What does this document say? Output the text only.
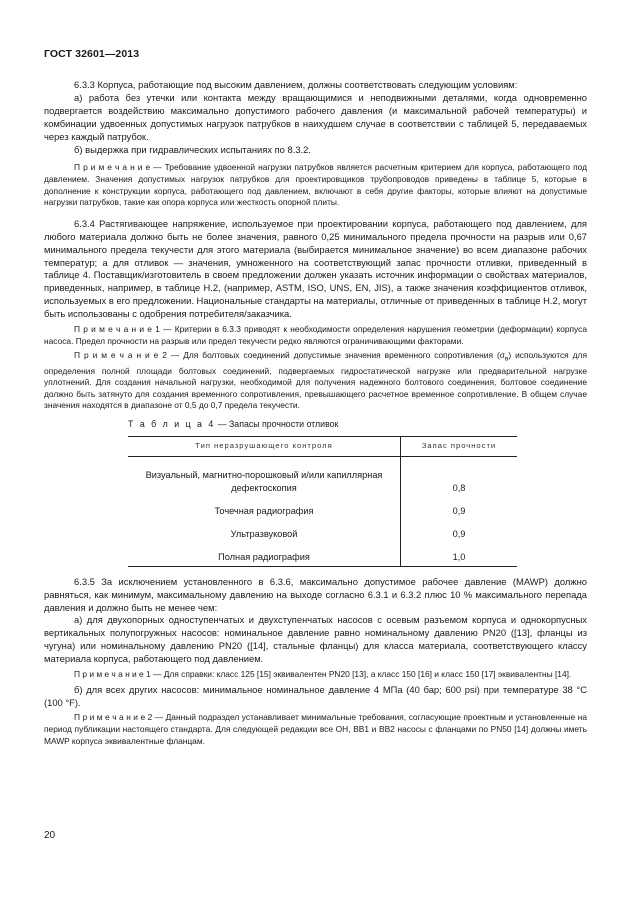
ГОСТ 32601—2013

6.3.3 Корпуса, работающие под высоким давлением, должны соответствовать следующим условиям:

а) работа без утечки или контакта между вращающимися и неподвижными деталями, когда одновременно подвергается воздействию максимально допустимого рабочего давления (и максимальной рабочей температуры) и комбинации удвоенных допустимых нагрузок патрубков в наихудшем случае в соответствии с таблицей 5, передаваемых через каждый патрубок.

б) выдержка при гидравлических испытаниях по 8.3.2.

П р и м е ч а н и е — Требование удвоенной нагрузки патрубков является расчетным критерием для корпуса, работающего под давлением. Значения допустимых нагрузок патрубков для проектировщиков трубопроводов приведены в таблице 5, которые в дополнение к конструкции корпуса, работающего под давлением, включают в себя другие факторы, которые влияют на допустимые нагрузки патрубков, такие как опора корпуса или жесткость опорной плиты.

6.3.4 Растягивающее напряжение, используемое при проектировании корпуса, работающего под давлением, для любого материала должно быть не более значения, равного 0,25 минимального предела прочности на разрыв или 0,67 минимального предела текучести для этого материала (выбирается минимальное значение) во всем диапазоне рабочих температур; а для отливок — значения, умноженного на соответствующий запас прочности отливки, приведенный в таблице 4. Поставщик/изготовитель в своем предложении должен указать источник информации о свойствах материалов, приведенных, например, в таблице Н.2, (например, ASTM, ISO, UNS, EN, JIS), а также значения коэффициентов отливок, используемых в его предложении. Национальные стандарты на материалы, отличные от приведенных в таблице Н.2, могут быть использованы с одобрения потребителя/заказчика.

П р и м е ч а н и е 1 — Критерии в 6.3.3 приводят к необходимости определения нарушения геометрии (деформации) корпуса насоса. Предел прочности на разрыв или предел текучести редко являются ограничивающими факторами.

П р и м е ч а н и е 2 — Для болтовых соединений допустимые значения временного сопротивления $(\sigma_в)$ используются для определения полной площади болтовых соединений, подвергаемых гидростатической нагрузке или предварительной нагрузке уплотнений. Для создания начальной нагрузки, необходимой для получения надежного болтового соединения, болтовое соединение должно быть затянуто для создания временного сопротивления, превышающего расчетное временное сопротивление. В общем случае значения находятся в диапазоне от 0,5 до 0,7 предела текучести.

Т а б л и ц а 4 — Запасы прочности отливок

Тип неразрушающего контроля	Запас прочности
Визуальный, магнитно-порошковый и/или капиллярная дефектоскопия	0,8
Точечная радиография	0,9
Ультразвуковой	0,9
Полная радиография	1,0

6.3.5 За исключением установленного в 6.3.6, максимально допустимое рабочее давление (MAWP) должно равняться, как минимум, максимальному давлению на выходе согласно 6.3.1 и 6.3.2 плюс 10 % максимального перепада давления и должно быть не менее чем:

а) для двухопорных одноступенчатых и двухступенчатых насосов с осевым разъемом корпуса и однокорпусных вертикальных полупогружных насосов: номинальное давление равно номинальному давлению PN20 ([13], фланцы из чугуна) или номинальному давлению PN20 ([14], стальные фланцы) для класса материала, соответствующего классу материала корпуса, работающего под давлением.

П р и м е ч а н и е 1 — Для справки: класс 125 [15] эквивалентен PN20 [13], а класс 150 [16] и класс 150 [17] эквивалентны [14].

б) для всех других насосов: минимальное номинальное давление 4 МПа (40 бар; 600 psi) при температуре 38 °С (100 °F).

П р и м е ч а н и е 2 — Данный подраздел устанавливает минимальные требования, согласующие проектным и установленные на период публикации настоящего стандарта. Для следующей редакции все ОН, ВВ1 и ВВ2 насосы с фланцами по PN50 [14] должны иметь MAWP корпуса эквивалентные фланцам.

20
